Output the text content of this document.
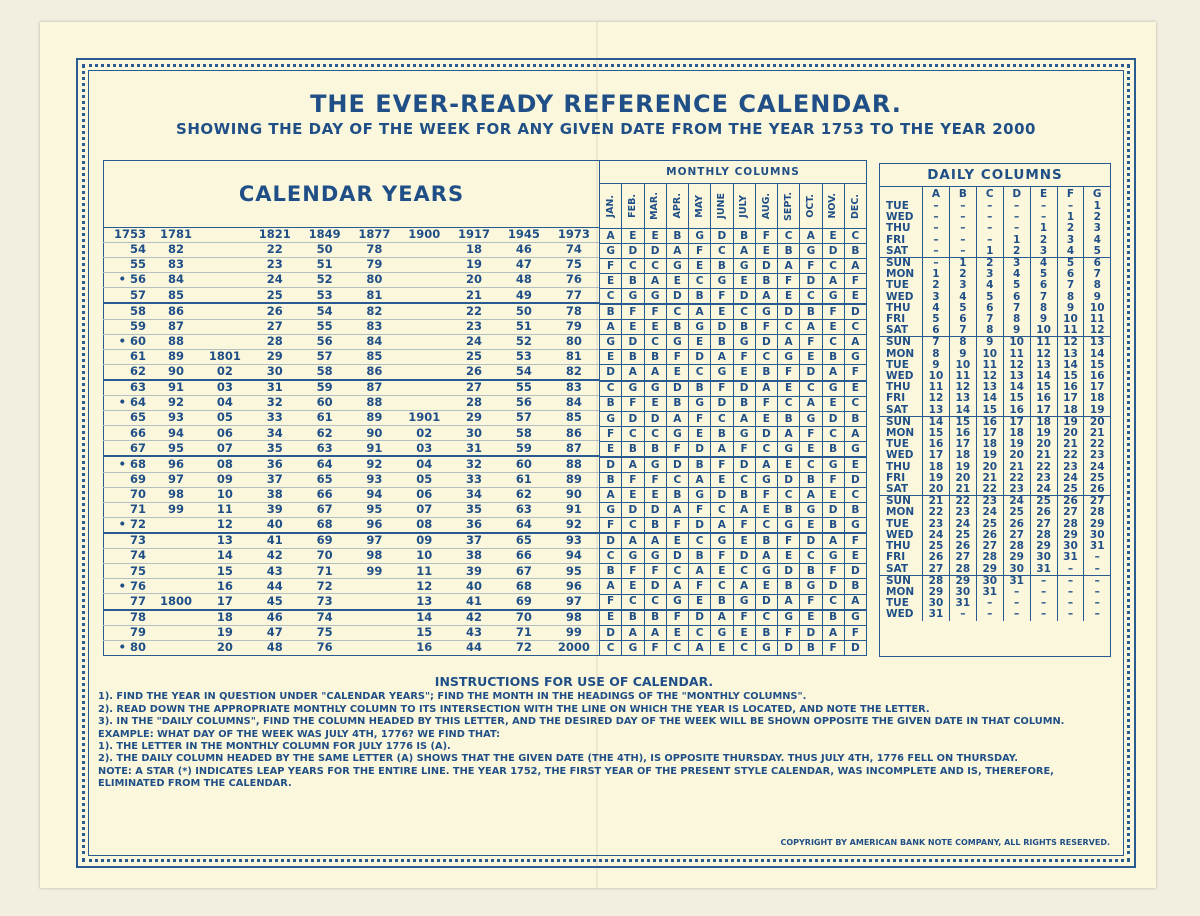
THE EVER-READY REFERENCE CALENDAR.
SHOWING THE DAY OF THE WEEK FOR ANY GIVEN DATE FROM THE YEAR 1753 TO THE YEAR 2000

1753	1781		1821	1849	1877	1900	1917	1945	1973
54	82		22	50	78		18	46	74
55	83		23	51	79		19	47	75
• 56	84		24	52	80		20	48	76
57	85		25	53	81		21	49	77
58	86		26	54	82		22	50	78
59	87		27	55	83		23	51	79
• 60	88		28	56	84		24	52	80
61	89	1801	29	57	85		25	53	81
62	90	02	30	58	86		26	54	82
63	91	03	31	59	87		27	55	83
• 64	92	04	32	60	88		28	56	84
65	93	05	33	61	89	1901	29	57	85
66	94	06	34	62	90	02	30	58	86
67	95	07	35	63	91	03	31	59	87
• 68	96	08	36	64	92	04	32	60	88
69	97	09	37	65	93	05	33	61	89
70	98	10	38	66	94	06	34	62	90
71	99	11	39	67	95	07	35	63	91
• 72		12	40	68	96	08	36	64	92
73		13	41	69	97	09	37	65	93
74		14	42	70	98	10	38	66	94
75		15	43	71	99	11	39	67	95
• 76		16	44	72		12	40	68	96
77	1800	17	45	73		13	41	69	97
78		18	46	74		14	42	70	98
79		19	47	75		15	43	71	99
• 80		20	48	76		16	44	72	2000
CALENDAR YEARS
MONTHLY COLUMNS											

JAN.	FEB.	MAR.	APR.	MAY	JUNE	JULY	AUG.	SEPT.	OCT.	NOV.	DEC.

A	E	E	B	G	D	B	F	C	A	E	C
G	D	D	A	F	C	A	E	B	G	D	B
F	C	C	G	E	B	G	D	A	F	C	A
E	B	A	E	C	G	E	B	F	D	A	F
C	G	G	D	B	F	D	A	E	C	G	E
B	F	F	C	A	E	C	G	D	B	F	D
A	E	E	B	G	D	B	F	C	A	E	C
G	D	C	G	E	B	G	D	A	F	C	A
E	B	B	F	D	A	F	C	G	E	B	G
D	A	A	E	C	G	E	B	F	D	A	F
C	G	G	D	B	F	D	A	E	C	G	E
B	F	E	B	G	D	B	F	C	A	E	C
G	D	D	A	F	C	A	E	B	G	D	B
F	C	C	G	E	B	G	D	A	F	C	A
E	B	B	F	D	A	F	C	G	E	B	G
D	A	G	D	B	F	D	A	E	C	G	E
B	F	F	C	A	E	C	G	D	B	F	D
A	E	E	B	G	D	B	F	C	A	E	C
G	D	D	A	F	C	A	E	B	G	D	B
F	C	B	F	D	A	F	C	G	E	B	G
D	A	A	E	C	G	E	B	F	D	A	F
C	G	G	D	B	F	D	A	E	C	G	E
B	F	F	C	A	E	C	G	D	B	F	D
A	E	D	A	F	C	A	E	B	G	D	B
F	C	C	G	E	B	G	D	A	F	C	A
E	B	B	F	D	A	F	C	G	E	B	G
D	A	A	E	C	G	E	B	F	D	A	F
C	G	F	C	A	E	C	G	D	B	F	D
DAILY COLUMNS
	A	B	C	D	E	F	G
TUE	–	–	–	–	–	–	1
WED	–	–	–	–	–	1	2
THU	–	–	–	–	1	2	3
FRI	–	–	–	1	2	3	4
SAT	–	–	1	2	3	4	5
SUN	–	1	2	3	4	5	6
MON	1	2	3	4	5	6	7
TUE	2	3	4	5	6	7	8
WED	3	4	5	6	7	8	9
THU	4	5	6	7	8	9	10
FRI	5	6	7	8	9	10	11
SAT	6	7	8	9	10	11	12
SUN	7	8	9	10	11	12	13
MON	8	9	10	11	12	13	14
TUE	9	10	11	12	13	14	15
WED	10	11	12	13	14	15	16
THU	11	12	13	14	15	16	17
FRI	12	13	14	15	16	17	18
SAT	13	14	15	16	17	18	19
SUN	14	15	16	17	18	19	20
MON	15	16	17	18	19	20	21
TUE	16	17	18	19	20	21	22
WED	17	18	19	20	21	22	23
THU	18	19	20	21	22	23	24
FRI	19	20	21	22	23	24	25
SAT	20	21	22	23	24	25	26
SUN	21	22	23	24	25	26	27
MON	22	23	24	25	26	27	28
TUE	23	24	25	26	27	28	29
WED	24	25	26	27	28	29	30
THU	25	26	27	28	29	30	31
FRI	26	27	28	29	30	31	–
SAT	27	28	29	30	31	–	–
SUN	28	29	30	31	–	–	–
MON	29	30	31	–	–	–	–
TUE	30	31	–	–	–	–	–
WED	31	–	–	–	–	–	–
INSTRUCTIONS FOR USE OF CALENDAR.

1). FIND THE YEAR IN QUESTION UNDER "CALENDAR YEARS"; FIND THE MONTH IN THE HEADINGS OF THE "MONTHLY COLUMNS".

2). READ DOWN THE APPROPRIATE MONTHLY COLUMN TO ITS INTERSECTION WITH THE LINE ON WHICH THE YEAR IS LOCATED, AND NOTE THE LETTER.

3). IN THE "DAILY COLUMNS", FIND THE COLUMN HEADED BY THIS LETTER, AND THE DESIRED DAY OF THE WEEK WILL BE SHOWN OPPOSITE THE GIVEN DATE IN THAT COLUMN.

EXAMPLE: WHAT DAY OF THE WEEK WAS JULY 4TH, 1776? WE FIND THAT:

1). THE LETTER IN THE MONTHLY COLUMN FOR JULY 1776 IS (A).

2). THE DAILY COLUMN HEADED BY THE SAME LETTER (A) SHOWS THAT THE GIVEN DATE (THE 4TH), IS OPPOSITE THURSDAY. THUS JULY 4TH, 1776 FELL ON THURSDAY.

NOTE: A STAR (*) INDICATES LEAP YEARS FOR THE ENTIRE LINE. THE YEAR 1752, THE FIRST YEAR OF THE PRESENT STYLE CALENDAR, WAS INCOMPLETE AND IS, THEREFORE, ELIMINATED FROM THE CALENDAR.

COPYRIGHT BY AMERICAN BANK NOTE COMPANY, ALL RIGHTS RESERVED.
